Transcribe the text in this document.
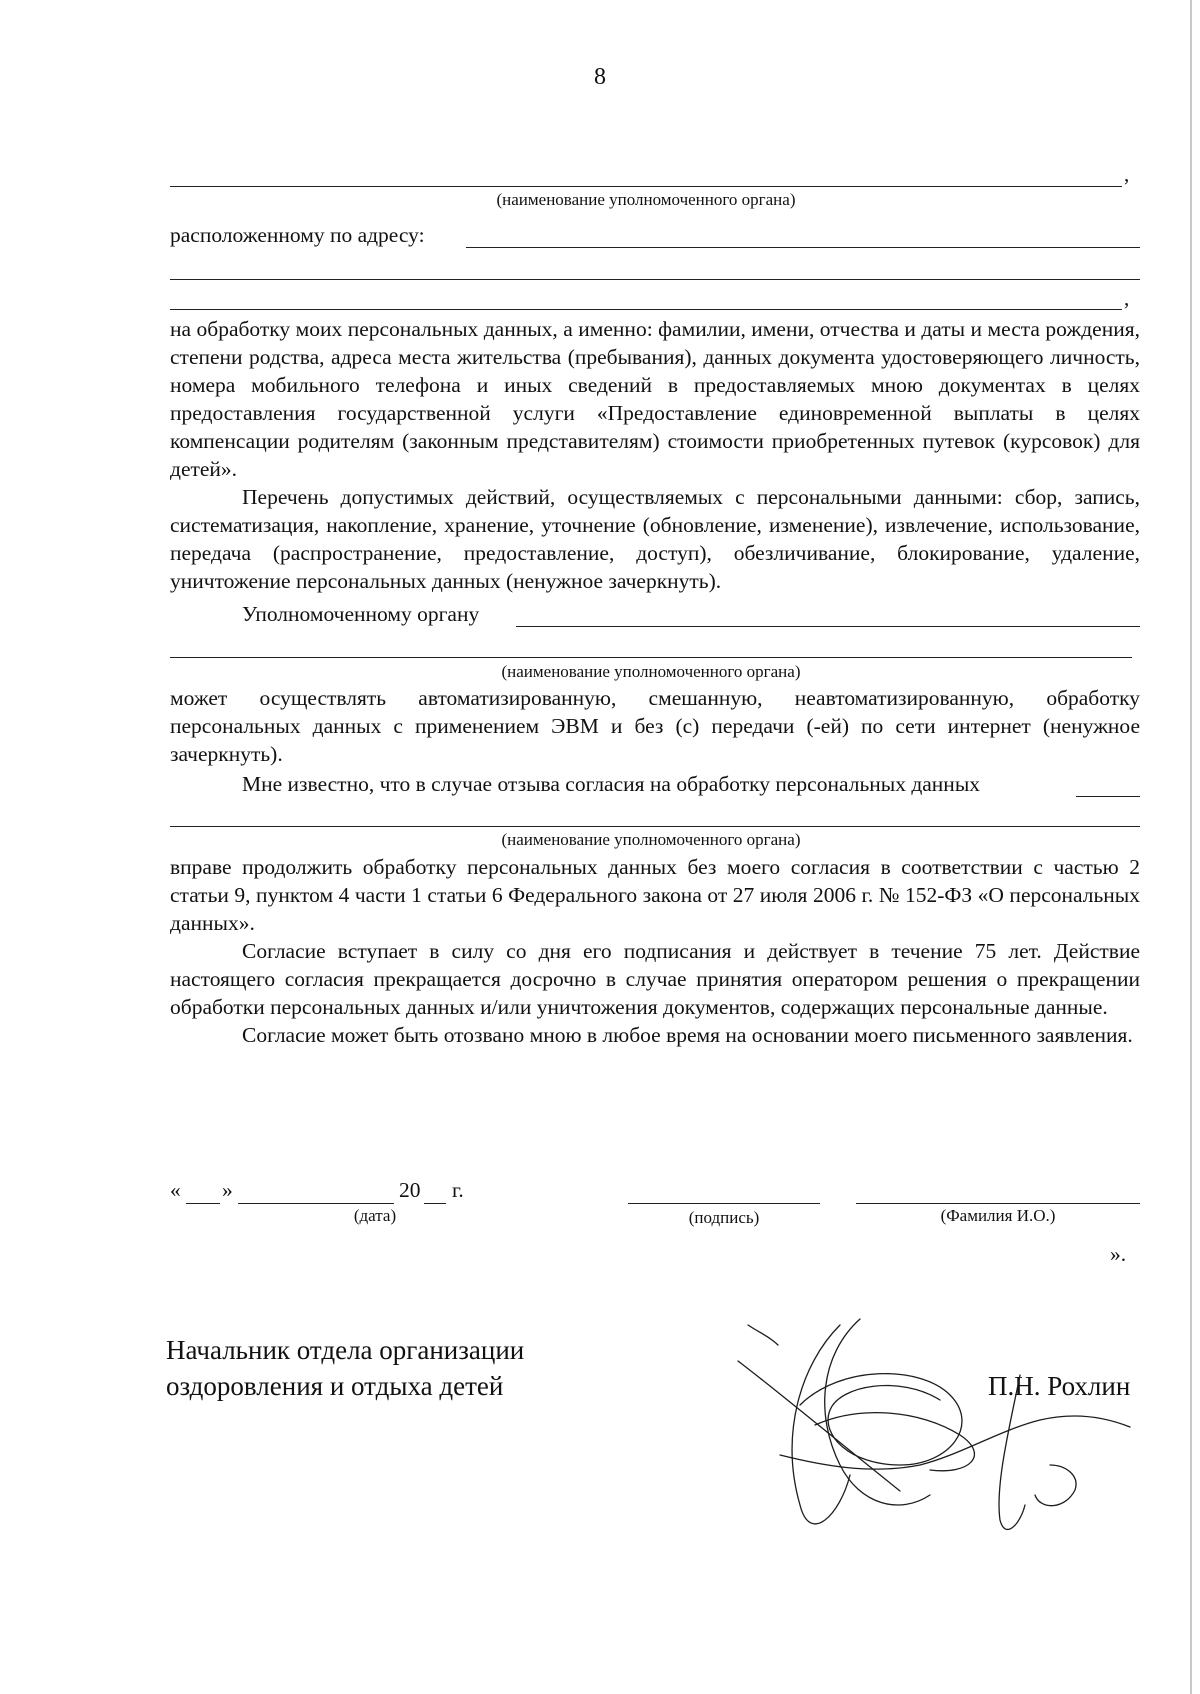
8
,
(наименование уполномоченного органа)
расположенному по адресу:
,

на обработку моих персональных данных, а именно: фамилии, имени, отчества и даты и места рождения, степени родства, адреса места жительства (пребывания), данных документа удостоверяющего личность, номера мобильного телефона и иных сведений в предоставляемых мною документах в целях предоставления государственной услуги «Предоставление единовременной выплаты в целях компенсации родителям (законным представителям) стоимости приобретенных путевок (курсовок) для детей».

Перечень допустимых действий, осуществляемых с персональными данными: сбор, запись, систематизация, накопление, хранение, уточнение (обновление, изменение), извлечение, использование, передача (распространение, предоставление, доступ), обезличивание, блокирование, удаление, уничтожение персональных данных (ненужное зачеркнуть).

Уполномоченному органу
(наименование уполномоченного органа)
может осуществлять автоматизированную, смешанную, неавтоматизированную, обработку персональных данных с применением ЭВМ и без (с) передачи (-ей) по сети интернет (ненужное зачеркнуть).
Мне известно, что в случае отзыва согласия на обработку персональных данных
(наименование уполномоченного органа)

вправе продолжить обработку персональных данных без моего согласия в соответствии с частью 2 статьи 9, пунктом 4 части 1 статьи 6 Федерального закона от 27 июля 2006 г. № 152-ФЗ «О персональных данных».

Согласие вступает в силу со дня его подписания и действует в течение 75 лет. Действие настоящего согласия прекращается досрочно в случае принятия оператором решения о прекращении обработки персональных данных и/или уничтожения документов, содержащих персональные данные.

Согласие может быть отозвано мною в любое время на основании моего письменного заявления.

« »	20 г.
(дата)	(подпись)	(Фамилия И.О.)
».
Начальник отдела организации
оздоровления и отдыха детей	П.Н. Рохлин
